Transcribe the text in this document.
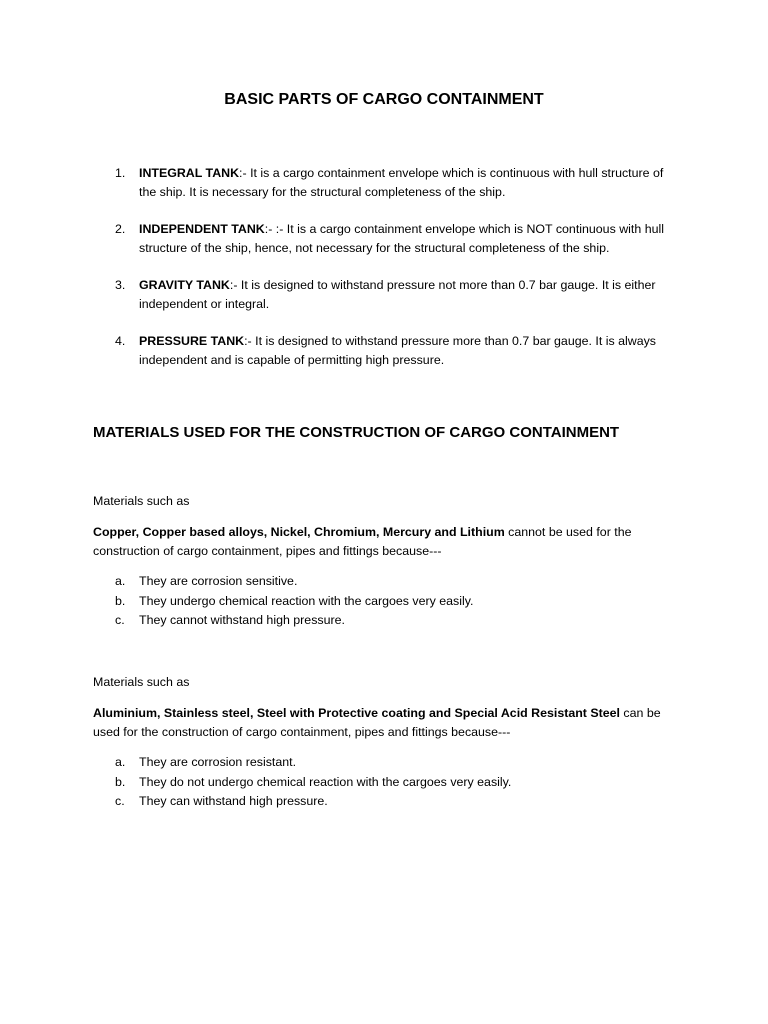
BASIC PARTS OF CARGO CONTAINMENT
1. INTEGRAL TANK:- It is a cargo containment envelope which is continuous with hull structure of the ship. It is necessary for the structural completeness of the ship.
2. INDEPENDENT TANK:- :- It is a cargo containment envelope which is NOT continuous with hull structure of the ship, hence, not necessary for the structural completeness of the ship.
3. GRAVITY TANK:- It is designed to withstand pressure not more than 0.7 bar gauge. It is either independent or integral.
4. PRESSURE TANK:- It is designed to withstand pressure more than 0.7 bar gauge. It is always independent and is capable of permitting high pressure.
MATERIALS USED FOR THE CONSTRUCTION OF CARGO CONTAINMENT

Materials such as

Copper, Copper based alloys, Nickel, Chromium, Mercury and Lithium cannot be used for the construction of cargo containment, pipes and fittings because---

a. They are corrosion sensitive.
b. They undergo chemical reaction with the cargoes very easily.
c. They cannot withstand high pressure.

Materials such as

Aluminium, Stainless steel, Steel with Protective coating and Special Acid Resistant Steel can be used for the construction of cargo containment, pipes and fittings because---

a. They are corrosion resistant.
b. They do not undergo chemical reaction with the cargoes very easily.
c. They can withstand high pressure.
